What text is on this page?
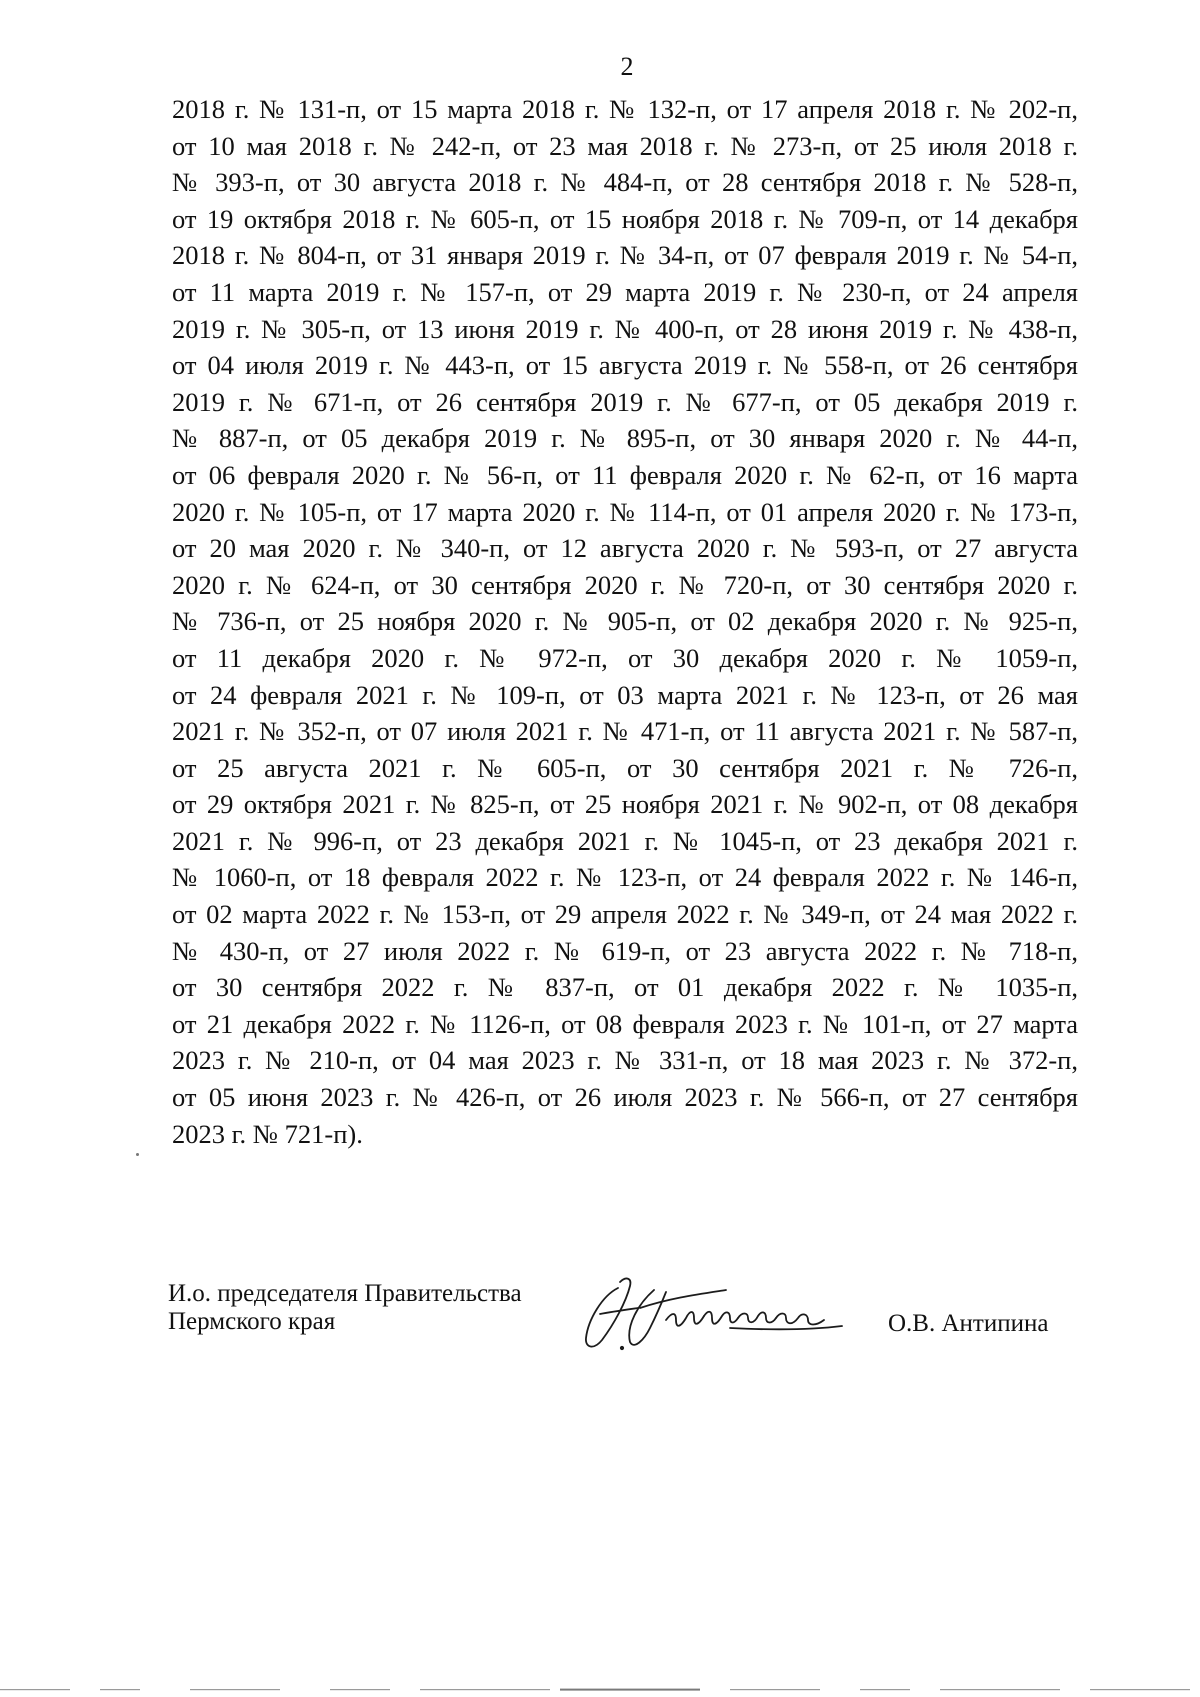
2

2018 г. № 131-п, от 15 марта 2018 г. № 132-п, от 17 апреля 2018 г. № 202-п,
от 10 мая 2018 г. № 242-п, от 23 мая 2018 г. № 273-п, от 25 июля 2018 г.
№ 393-п, от 30 августа 2018 г. № 484-п, от 28 сентября 2018 г. № 528-п,
от 19 октября 2018 г. № 605-п, от 15 ноября 2018 г. № 709-п, от 14 декабря
2018 г. № 804-п, от 31 января 2019 г. № 34-п, от 07 февраля 2019 г. № 54-п,
от 11 марта 2019 г. № 157-п, от 29 марта 2019 г. № 230-п, от 24 апреля
2019 г. № 305-п, от 13 июня 2019 г. № 400-п, от 28 июня 2019 г. № 438-п,
от 04 июля 2019 г. № 443-п, от 15 августа 2019 г. № 558-п, от 26 сентября
2019 г. № 671-п, от 26 сентября 2019 г. № 677-п, от 05 декабря 2019 г.
№ 887-п, от 05 декабря 2019 г. № 895-п, от 30 января 2020 г. № 44-п,
от 06 февраля 2020 г. № 56-п, от 11 февраля 2020 г. № 62-п, от 16 марта
2020 г. № 105-п, от 17 марта 2020 г. № 114-п, от 01 апреля 2020 г. № 173-п,
от 20 мая 2020 г. № 340-п, от 12 августа 2020 г. № 593-п, от 27 августа
2020 г. № 624-п, от 30 сентября 2020 г. № 720-п, от 30 сентября 2020 г.
№ 736-п, от 25 ноября 2020 г. № 905-п, от 02 декабря 2020 г. № 925-п,
от 11 декабря 2020 г. № 972-п, от 30 декабря 2020 г. № 1059-п,
от 24 февраля 2021 г. № 109-п, от 03 марта 2021 г. № 123-п, от 26 мая
2021 г. № 352-п, от 07 июля 2021 г. № 471-п, от 11 августа 2021 г. № 587-п,
от 25 августа 2021 г. № 605-п, от 30 сентября 2021 г. № 726-п,
от 29 октября 2021 г. № 825-п, от 25 ноября 2021 г. № 902-п, от 08 декабря
2021 г. № 996-п, от 23 декабря 2021 г. № 1045-п, от 23 декабря 2021 г.
№ 1060-п, от 18 февраля 2022 г. № 123-п, от 24 февраля 2022 г. № 146-п,
от 02 марта 2022 г. № 153-п, от 29 апреля 2022 г. № 349-п, от 24 мая 2022 г.
№ 430-п, от 27 июля 2022 г. № 619-п, от 23 августа 2022 г. № 718-п,
от 30 сентября 2022 г. № 837-п, от 01 декабря 2022 г. № 1035-п,
от 21 декабря 2022 г. № 1126-п, от 08 февраля 2023 г. № 101-п, от 27 марта
2023 г. № 210-п, от 04 мая 2023 г. № 331-п, от 18 мая 2023 г. № 372-п,
от 05 июня 2023 г. № 426-п, от 26 июля 2023 г. № 566-п, от 27 сентября
2023 г. № 721-п).

И.о. председателя Правительства
Пермского края	О.В. Антипина
